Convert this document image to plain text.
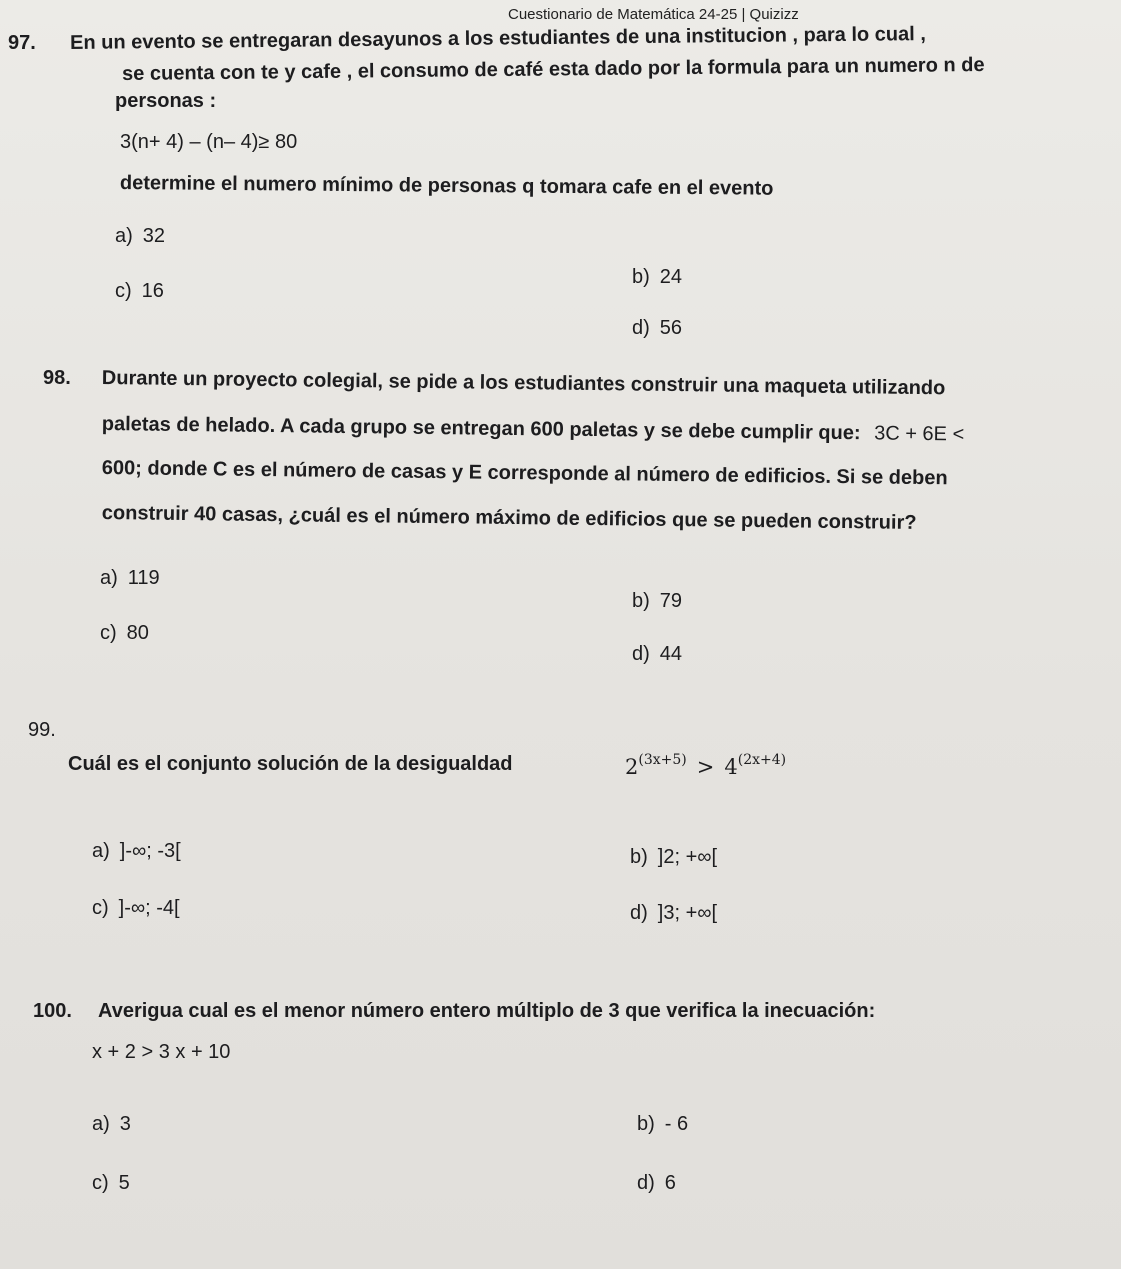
Cuestionario de Matemática 24-25 | Quizizz
97. En un evento se entregaran desayunos a los estudiantes de una institucion , para lo cual ,
se cuenta con te y cafe , el consumo de café esta dado por la formula para un numero n de
personas :
3(n+ 4) – (n– 4)≥ 80
determine el numero mínimo de personas q tomara cafe en el evento
a) 32
b) 24
c) 16
d) 56
98. Durante un proyecto colegial, se pide a los estudiantes construir una maqueta utilizando
paletas de helado. A cada grupo se entregan 600 paletas y se debe cumplir que: 3C + 6E <
600; donde C es el número de casas y E corresponde al número de edificios. Si se deben
construir 40 casas, ¿cuál es el número máximo de edificios que se pueden construir?
a) 119
b) 79
c) 80
d) 44
99.
Cuál es el conjunto solución de la desigualdad	$2^{(3x+5)} > 4^{(2x+4)}$
a) ]-∞; -3[	b) ]2; +∞[
c) ]-∞; -4[	d) ]3; +∞[
100. Averigua cual es el menor número entero múltiplo de 3 que verifica la inecuación:
x + 2 > 3 x + 10
a) 3	b) - 6
c) 5	d) 6
